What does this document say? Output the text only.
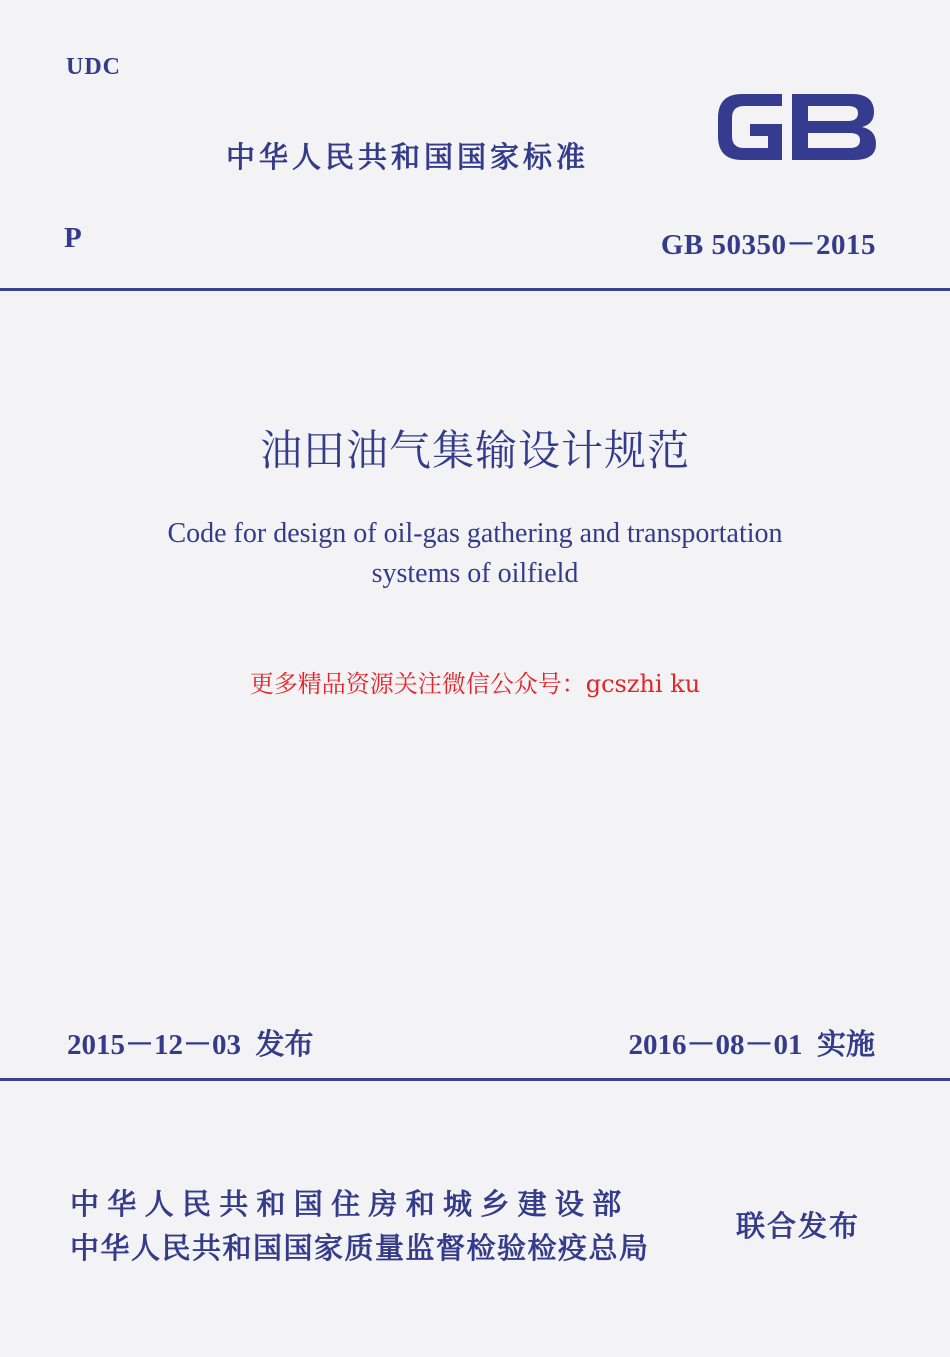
UDC
中华人民共和国国家标准
P	GB 50350－2015
油田油气集输设计规范
Code for design of oil-gas gathering and transportation
systems of oilfield
更多精品资源关注微信公众号：gcszhi ku
2015－12－03  发布	2016－08－01  实施
中华人民共和国住房和城乡建设部
中华人民共和国国家质量监督检验检疫总局
联合发布
